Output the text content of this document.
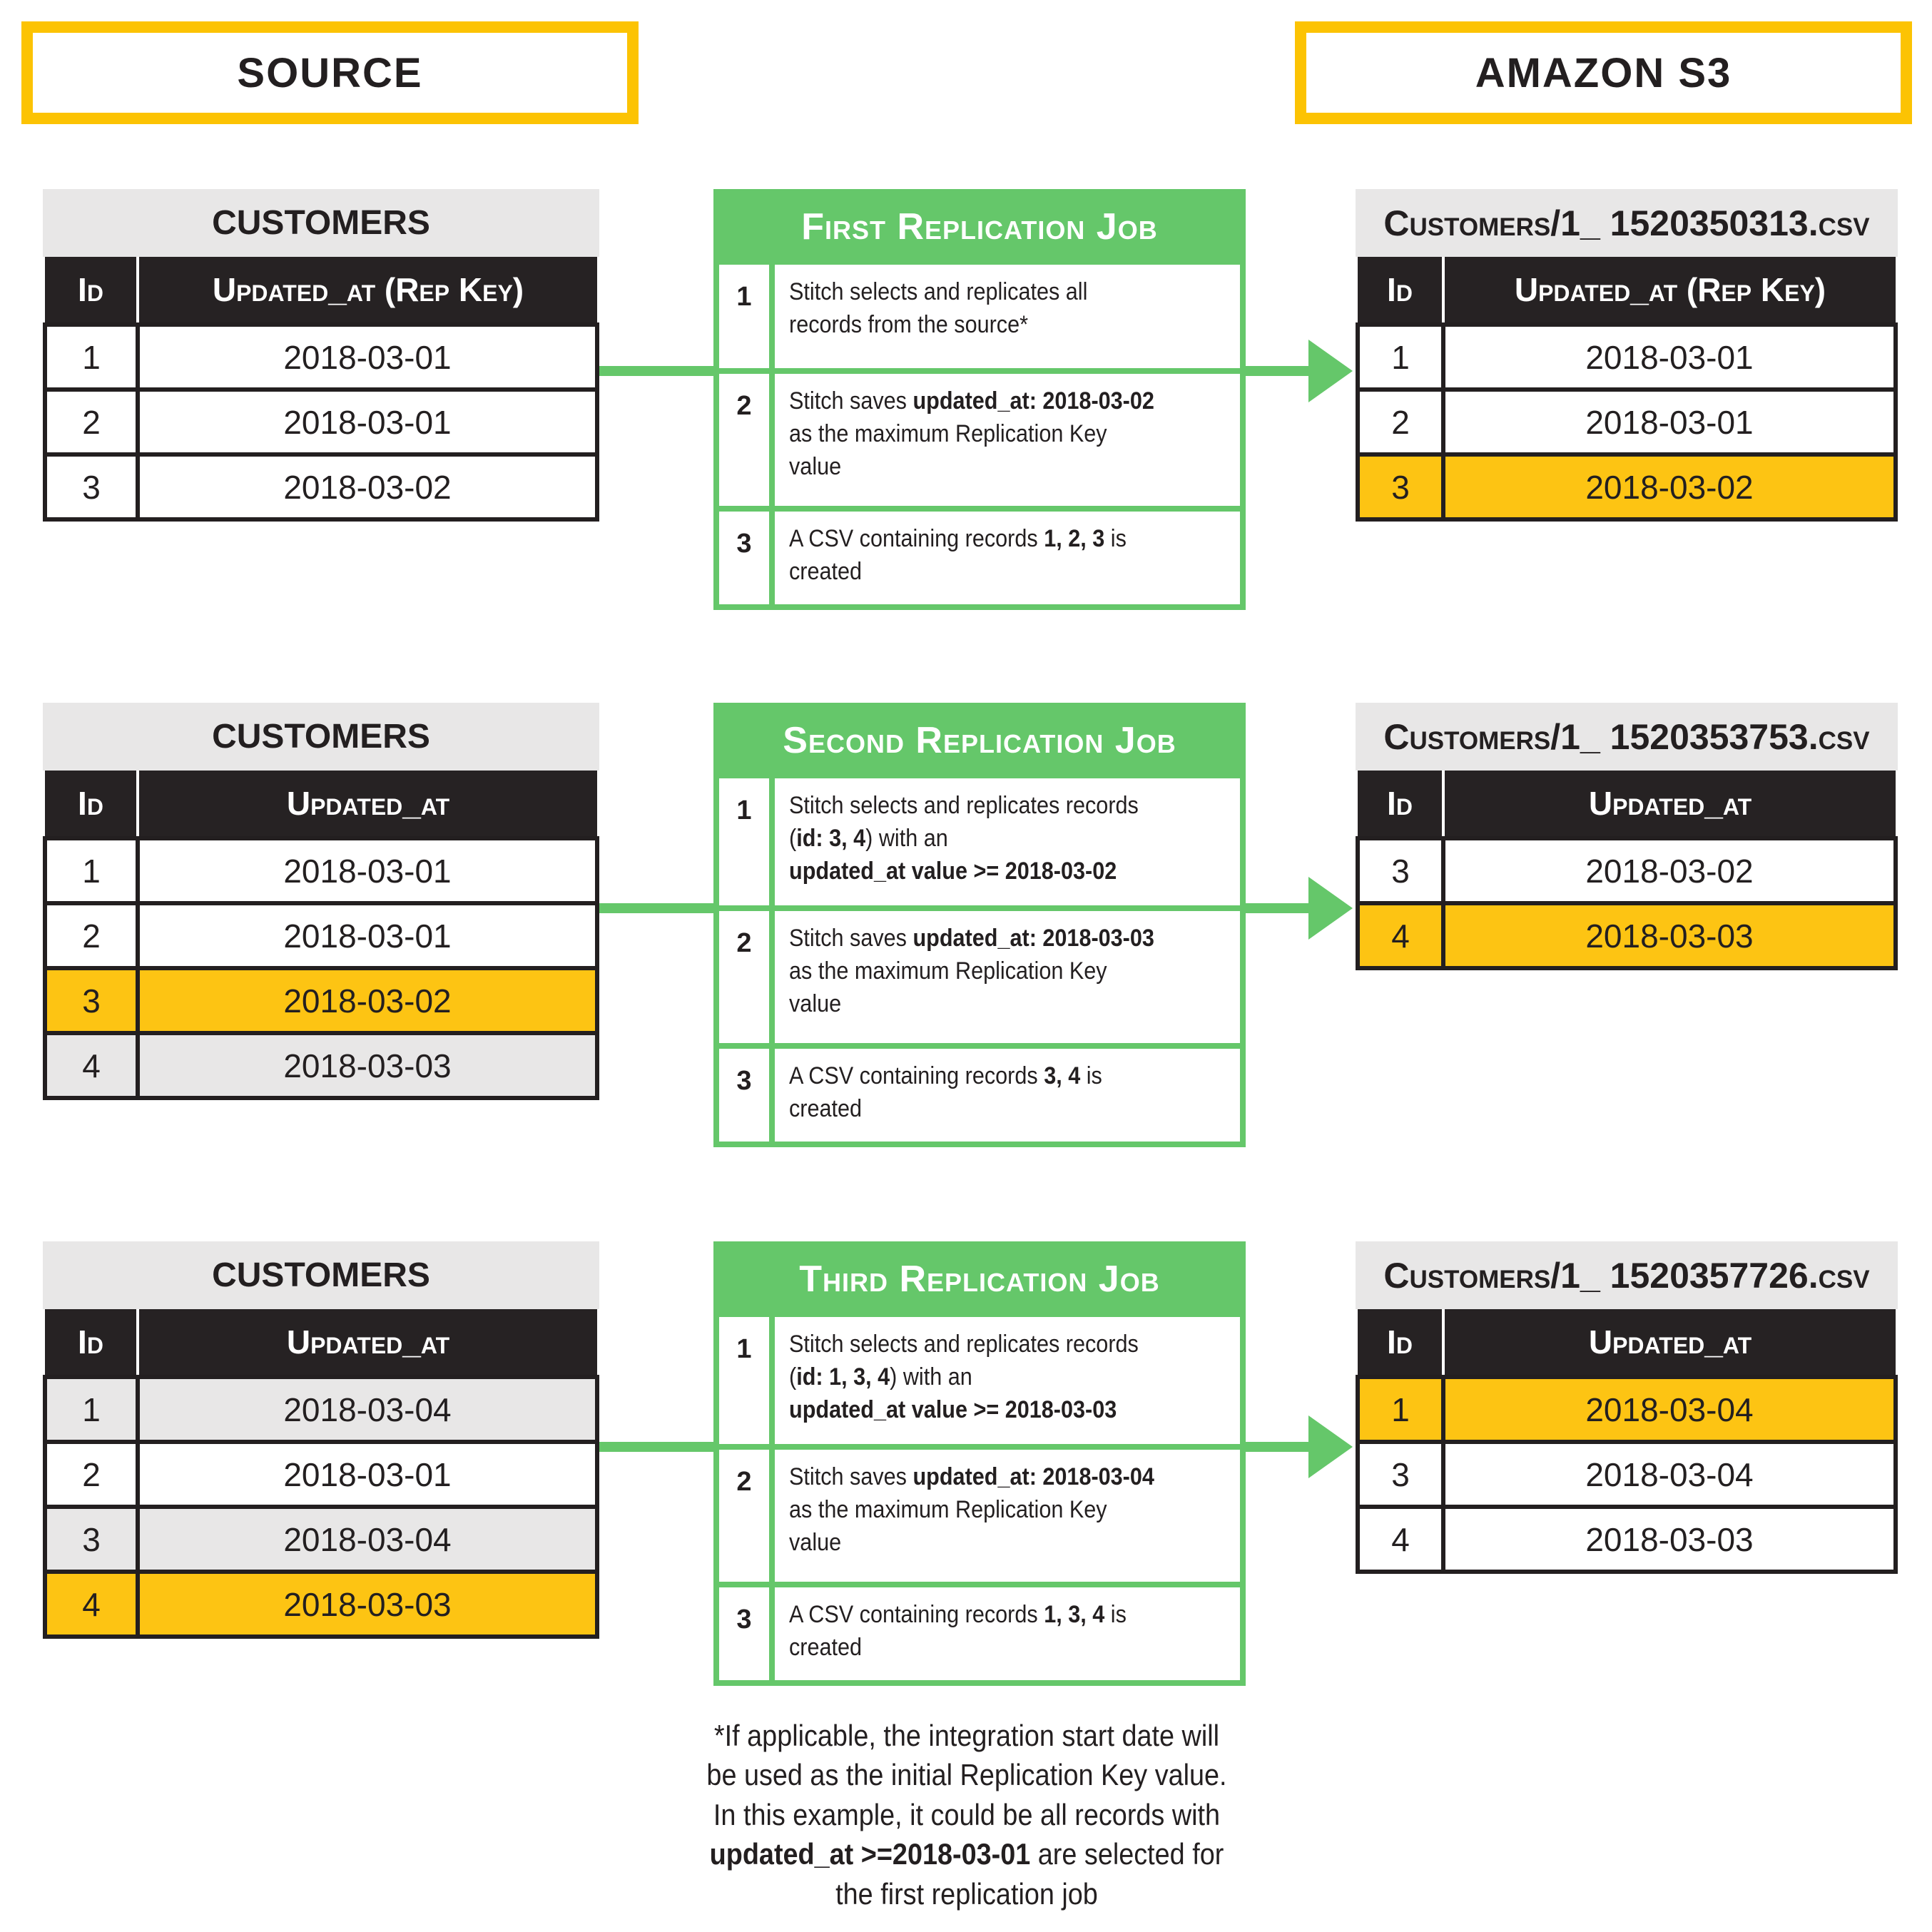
SOURCE	AMAZON S3
CUSTOMERS
Id	Updated_at (Rep Key)
1	2018-03-01
2	2018-03-01
3	2018-03-02
First Replication Job
1	Stitch selects and replicates all
records from the source*
2	Stitch saves updated_at: 2018-03-02
as the maximum Replication Key
value
3	A CSV containing records 1, 2, 3 is
created
Customers/1_ 1520350313.csv
Id	Updated_at (Rep Key)
1	2018-03-01
2	2018-03-01
3	2018-03-02
CUSTOMERS
Id	Updated_at
1	2018-03-01
2	2018-03-01
3	2018-03-02
4	2018-03-03
Second Replication Job
1	Stitch selects and replicates records
(id: 3, 4) with an
updated_at value >= 2018-03-02
2	Stitch saves updated_at: 2018-03-03
as the maximum Replication Key
value
3	A CSV containing records 3, 4 is
created
Customers/1_ 1520353753.csv
Id	Updated_at
3	2018-03-02
4	2018-03-03
CUSTOMERS
Id	Updated_at
1	2018-03-04
2	2018-03-01
3	2018-03-04
4	2018-03-03
Third Replication Job
1	Stitch selects and replicates records
(id: 1, 3, 4) with an
updated_at value >= 2018-03-03
2	Stitch saves updated_at: 2018-03-04
as the maximum Replication Key
value
3	A CSV containing records 1, 3, 4 is
created
Customers/1_ 1520357726.csv
Id	Updated_at
1	2018-03-04
3	2018-03-04
4	2018-03-03
*If applicable, the integration start date will
be used as the initial Replication Key value.
In this example, it could be all records with
updated_at >=2018-03-01 are selected for
the first replication job
